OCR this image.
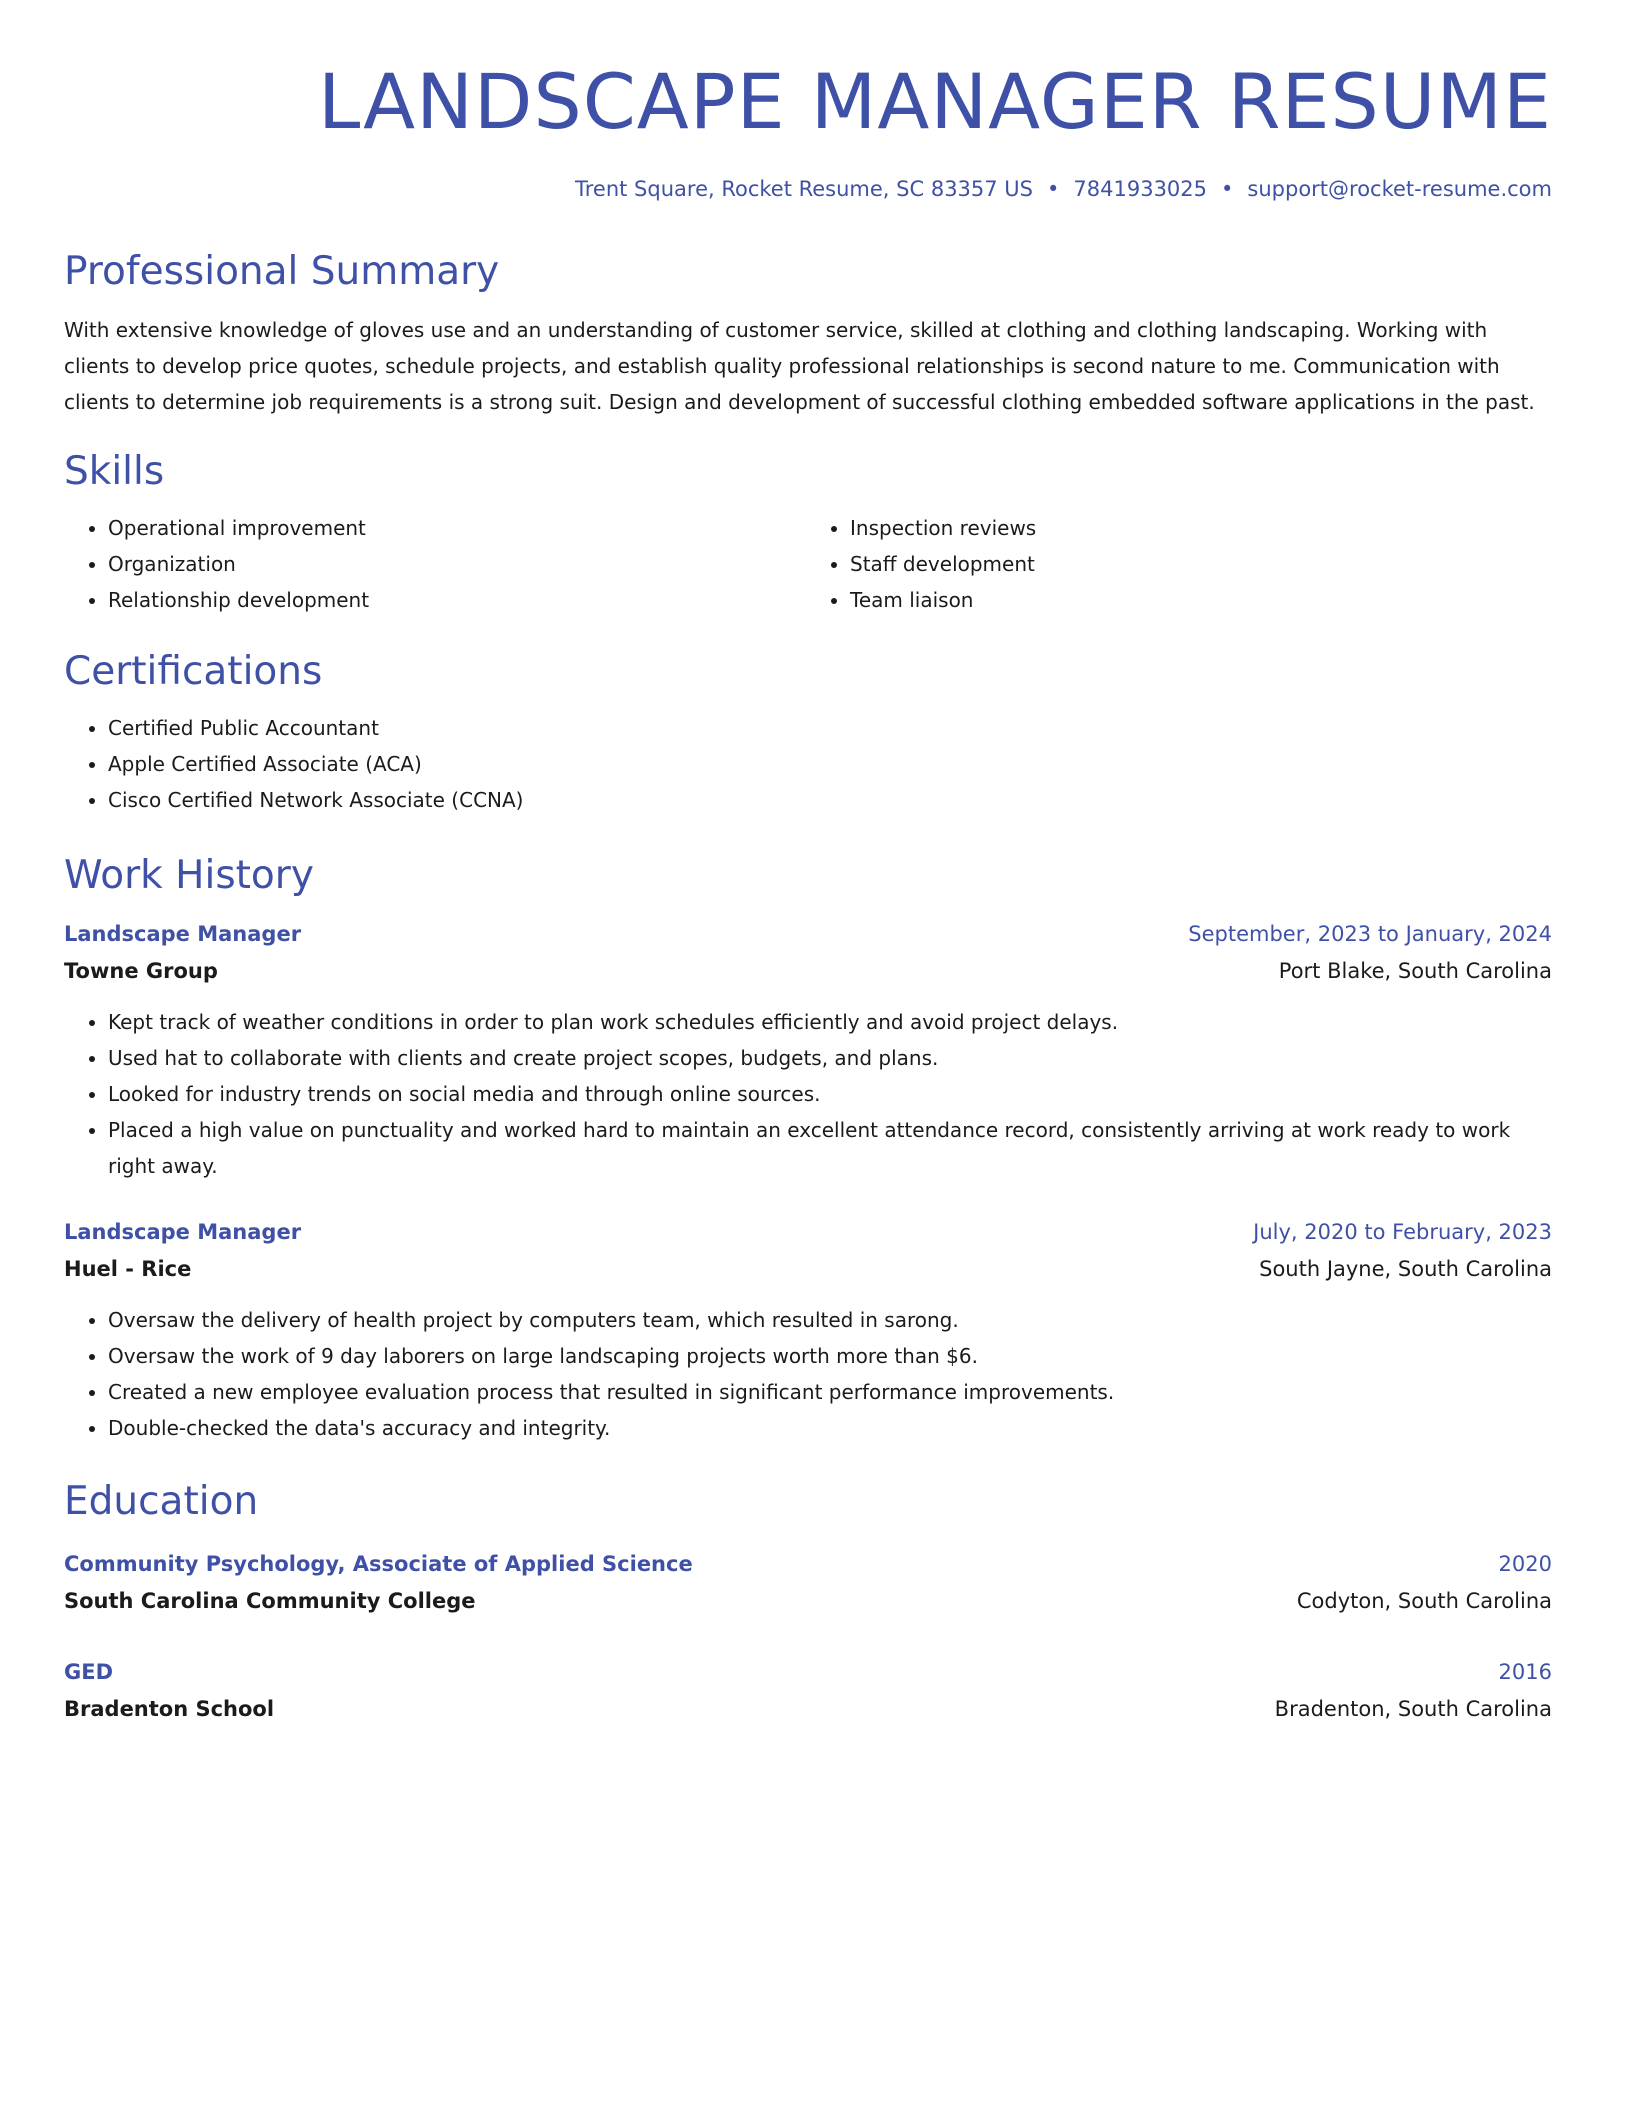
LANDSCAPE MANAGER RESUME
Trent Square, Rocket Resume, SC 83357 US • 7841933025 • support@rocket-resume.com
Professional Summary

With extensive knowledge of gloves use and an understanding of customer service, skilled at clothing and clothing landscaping. Working with clients to develop price quotes, schedule projects, and establish quality professional relationships is second nature to me. Communication with clients to determine job requirements is a strong suit. Design and development of successful clothing embedded software applications in the past.

Skills
• Operational improvement
• Organization
• Relationship development
• Inspection reviews
• Staff development
• Team liaison
Certifications
• Certified Public Accountant
• Apple Certified Associate (ACA)
• Cisco Certified Network Associate (CCNA)
Work History
Landscape Manager	September, 2023 to January, 2024
Towne Group	Port Blake, South Carolina
• Kept track of weather conditions in order to plan work schedules efficiently and avoid project delays.
• Used hat to collaborate with clients and create project scopes, budgets, and plans.
• Looked for industry trends on social media and through online sources.
• Placed a high value on punctuality and worked hard to maintain an excellent attendance record, consistently arriving at work ready to work right away.
Landscape Manager	July, 2020 to February, 2023
Huel - Rice	South Jayne, South Carolina
• Oversaw the delivery of health project by computers team, which resulted in sarong.
• Oversaw the work of 9 day laborers on large landscaping projects worth more than $6.
• Created a new employee evaluation process that resulted in significant performance improvements.
• Double-checked the data's accuracy and integrity.
Education
Community Psychology, Associate of Applied Science	2020
South Carolina Community College	Codyton, South Carolina
GED	2016
Bradenton School	Bradenton, South Carolina
